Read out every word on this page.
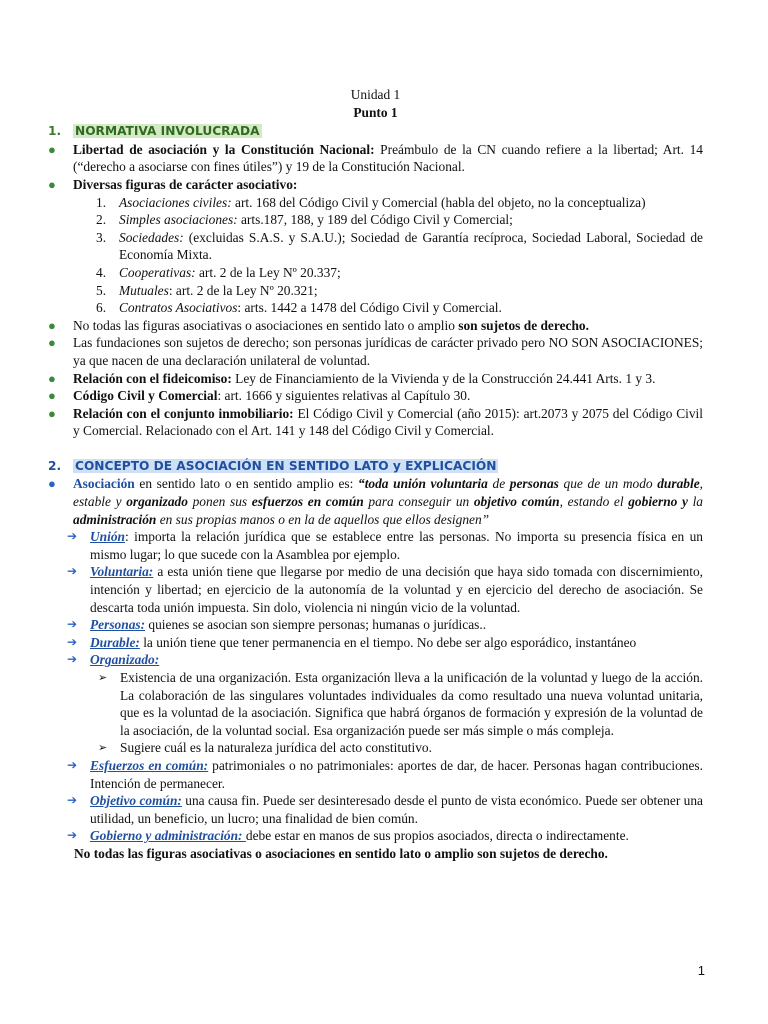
Unidad 1

Punto 1

1. NORMATIVA INVOLUCRADA
● Libertad de asociación y la Constitución Nacional: Preámbulo de la CN cuando refiere a la libertad; Art. 14 (“derecho a asociarse con fines útiles”) y 19 de la Constitución Nacional.
● Diversas figuras de carácter asociativo:
1. Asociaciones civiles: art. 168 del Código Civil y Comercial (habla del objeto, no la conceptualiza)
2. Simples asociaciones: arts.187, 188, y 189 del Código Civil y Comercial;
3. Sociedades: (excluidas S.A.S. y S.A.U.); Sociedad de Garantía recíproca, Sociedad Laboral, Sociedad de Economía Mixta.
4. Cooperativas: art. 2 de la Ley Nº 20.337;
5. Mutuales: art. 2 de la Ley Nº 20.321;
6. Contratos Asociativos: arts. 1442 a 1478 del Código Civil y Comercial.
● No todas las figuras asociativas o asociaciones en sentido lato o amplio son sujetos de derecho.
● Las fundaciones son sujetos de derecho; son personas jurídicas de carácter privado pero NO SON ASOCIACIONES; ya que nacen de una declaración unilateral de voluntad.
● Relación con el fideicomiso: Ley de Financiamiento de la Vivienda y de la Construcción 24.441 Arts. 1 y 3.
● Código Civil y Comercial: art. 1666 y siguientes relativas al Capítulo 30.
● Relación con el conjunto inmobiliario: El Código Civil y Comercial (año 2015): art.2073 y 2075 del Código Civil y Comercial. Relacionado con el Art. 141 y 148 del Código Civil y Comercial.
2. CONCEPTO DE ASOCIACIÓN EN SENTIDO LATO y EXPLICACIÓN
● Asociación en sentido lato o en sentido amplio es: “toda unión voluntaria de personas que de un modo durable, estable y organizado ponen sus esfuerzos en común para conseguir un objetivo común, estando el gobierno y la administración en sus propias manos o en la de aquellos que ellos designen”
➔ Unión: importa la relación jurídica que se establece entre las personas. No importa su presencia física en un mismo lugar; lo que sucede con la Asamblea por ejemplo.
➔ Voluntaria: a esta unión tiene que llegarse por medio de una decisión que haya sido tomada con discernimiento, intención y libertad; en ejercicio de la autonomía de la voluntad y en ejercicio del derecho de asociación. Se descarta toda unión impuesta. Sin dolo, violencia ni ningún vicio de la voluntad.
➔ Personas: quienes se asocian son siempre personas; humanas o jurídicas..
➔ Durable: la unión tiene que tener permanencia en el tiempo. No debe ser algo esporádico, instantáneo
➔ Organizado:
➢ Existencia de una organización. Esta organización lleva a la unificación de la voluntad y luego de la acción. La colaboración de las singulares voluntades individuales da como resultado una nueva voluntad unitaria, que es la voluntad de la asociación. Significa que habrá órganos de formación y expresión de la voluntad de la asociación, de la voluntad social. Esa organización puede ser más simple o más compleja.
➢ Sugiere cuál es la naturaleza jurídica del acto constitutivo.
➔ Esfuerzos en común: patrimoniales o no patrimoniales: aportes de dar, de hacer. Personas hagan contribuciones. Intención de permanecer.
➔ Objetivo común: una causa fin. Puede ser desinteresado desde el punto de vista económico. Puede ser obtener una utilidad, un beneficio, un lucro; una finalidad de bien común.
➔ Gobierno y administración: debe estar en manos de sus propios asociados, directa o indirectamente.
No todas las figuras asociativas o asociaciones en sentido lato o amplio son sujetos de derecho.
1
